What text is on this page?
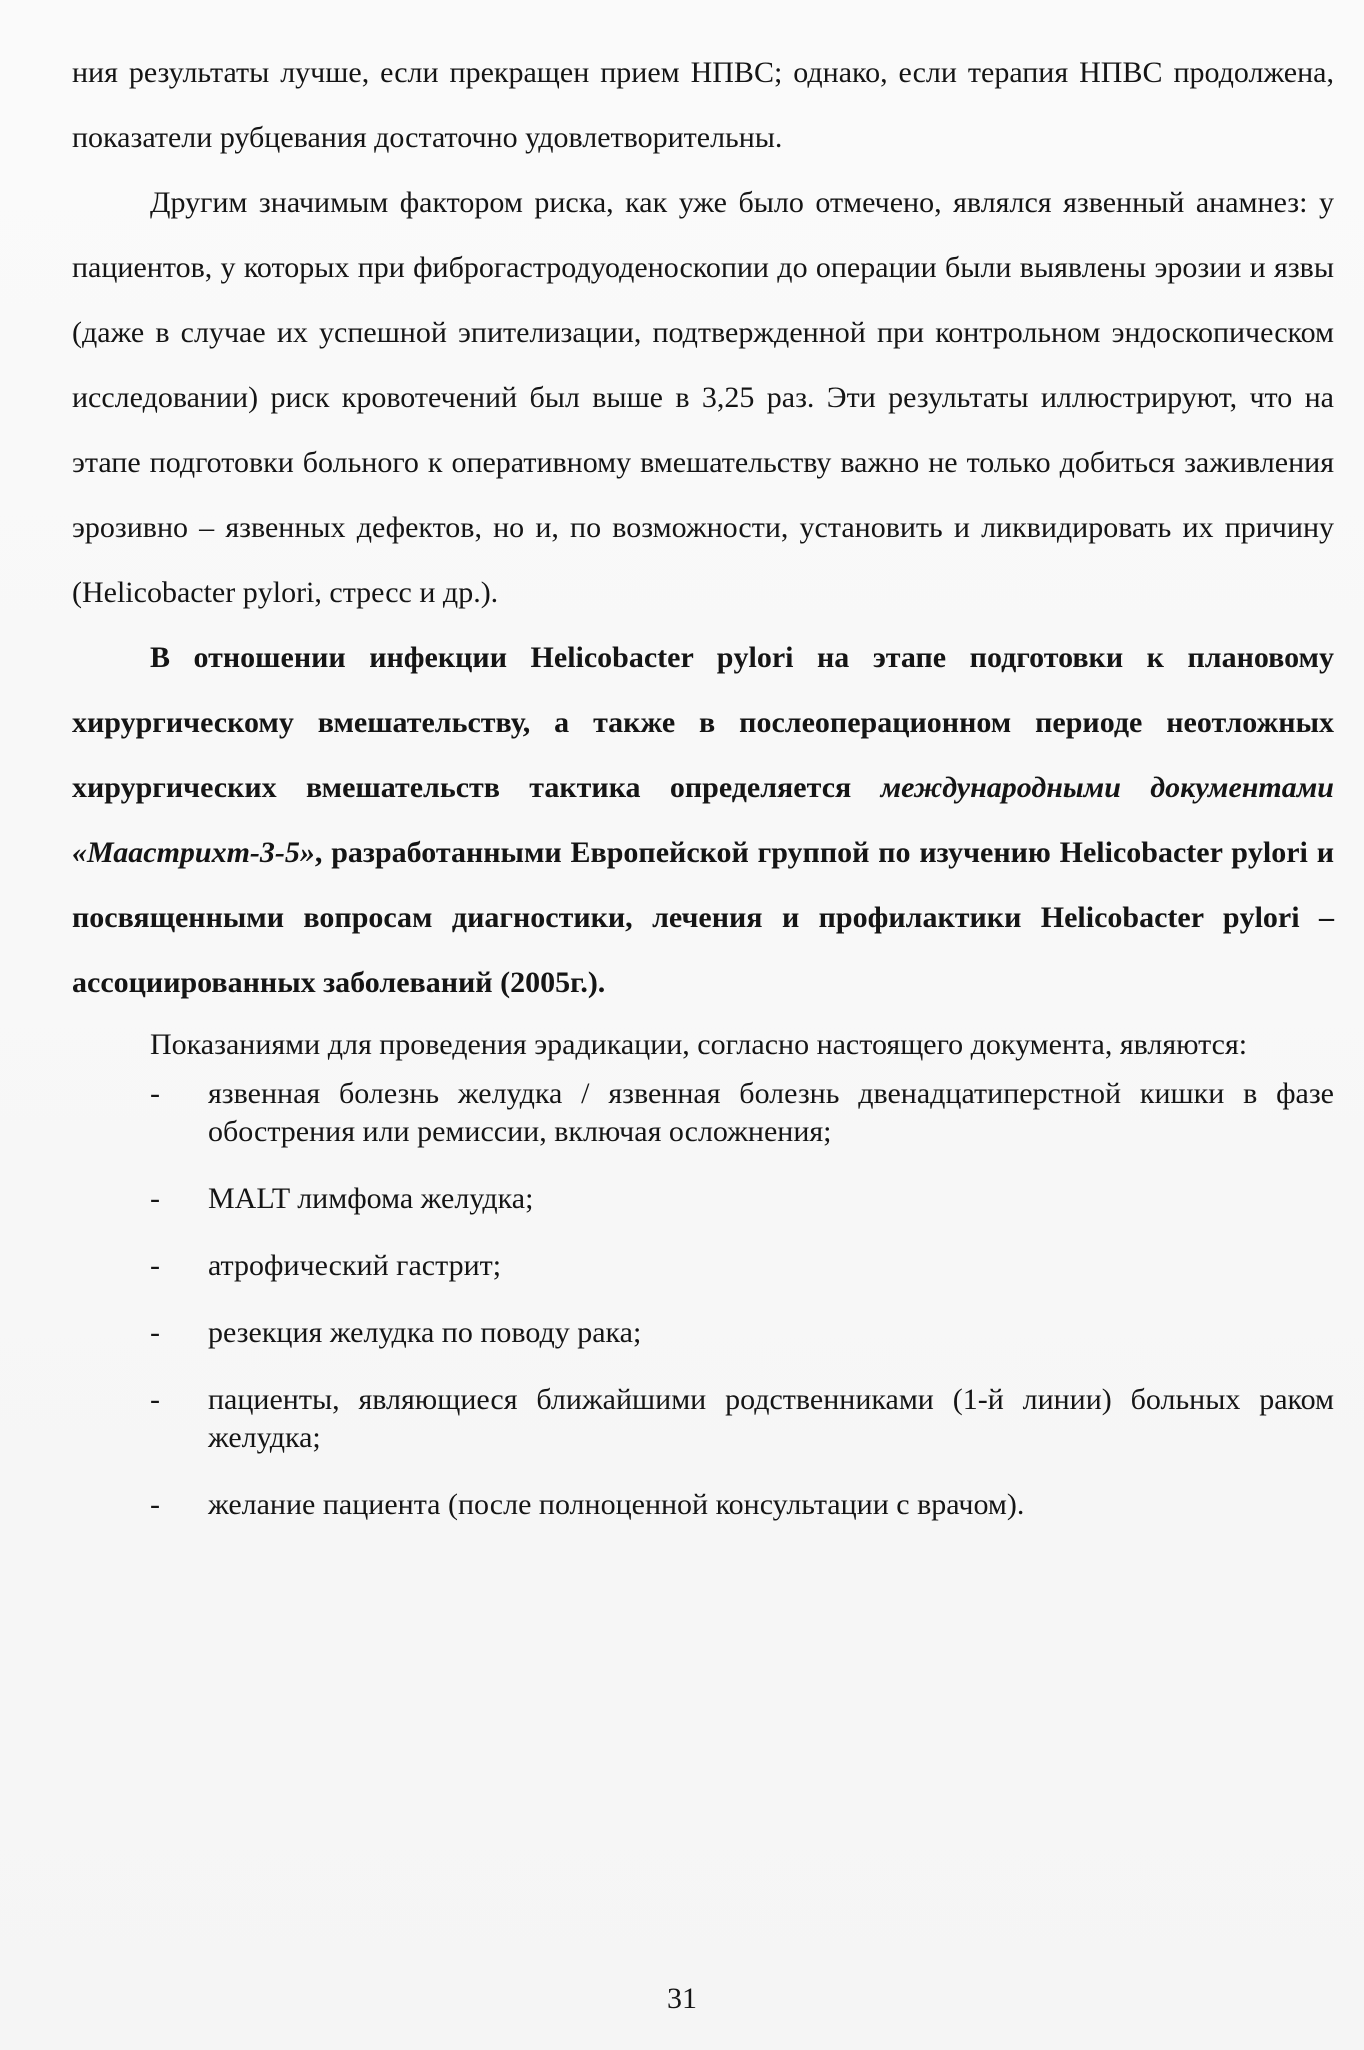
ния результаты лучше, если прекращен прием НПВС; однако, если терапия НПВС продолжена, показатели рубцевания достаточно удовлетворительны.

Другим значимым фактором риска, как уже было отмечено, являлся язвенный анамнез: у пациентов, у которых при фиброгастродуоденоскопии до операции были выявлены эрозии и язвы (даже в случае их успешной эпителизации, подтвержденной при контрольном эндоскопическом исследовании) риск кровотечений был выше в 3,25 раз. Эти результаты иллюстрируют, что на этапе подготовки больного к оперативному вмешательству важно не только добиться заживления эрозивно – язвенных дефектов, но и, по возможности, установить и ликвидировать их причину (Helicobacter pylori, стресс и др.).

В отношении инфекции Helicobacter pylori на этапе подготовки к плановому хирургическому вмешательству, а также в послеоперационном периоде неотложных хирургических вмешательств тактика определяется международными документами «Маастрихт-3-5», разработанными Европейской группой по изучению Helicobacter pylori и посвященными вопросам диагностики, лечения и профилактики Helicobacter pylori – ассоциированных заболеваний (2005г.).

Показаниями для проведения эрадикации, согласно настоящего документа, являются:

- язвенная болезнь желудка / язвенная болезнь двенадцатиперстной кишки в фазе обострения или ремиссии, включая осложнения;
- MALT лимфома желудка;
- атрофический гастрит;
- резекция желудка по поводу рака;
- пациенты, являющиеся ближайшими родственниками (1-й линии) больных раком желудка;
- желание пациента (после полноценной консультации с врачом).
31
